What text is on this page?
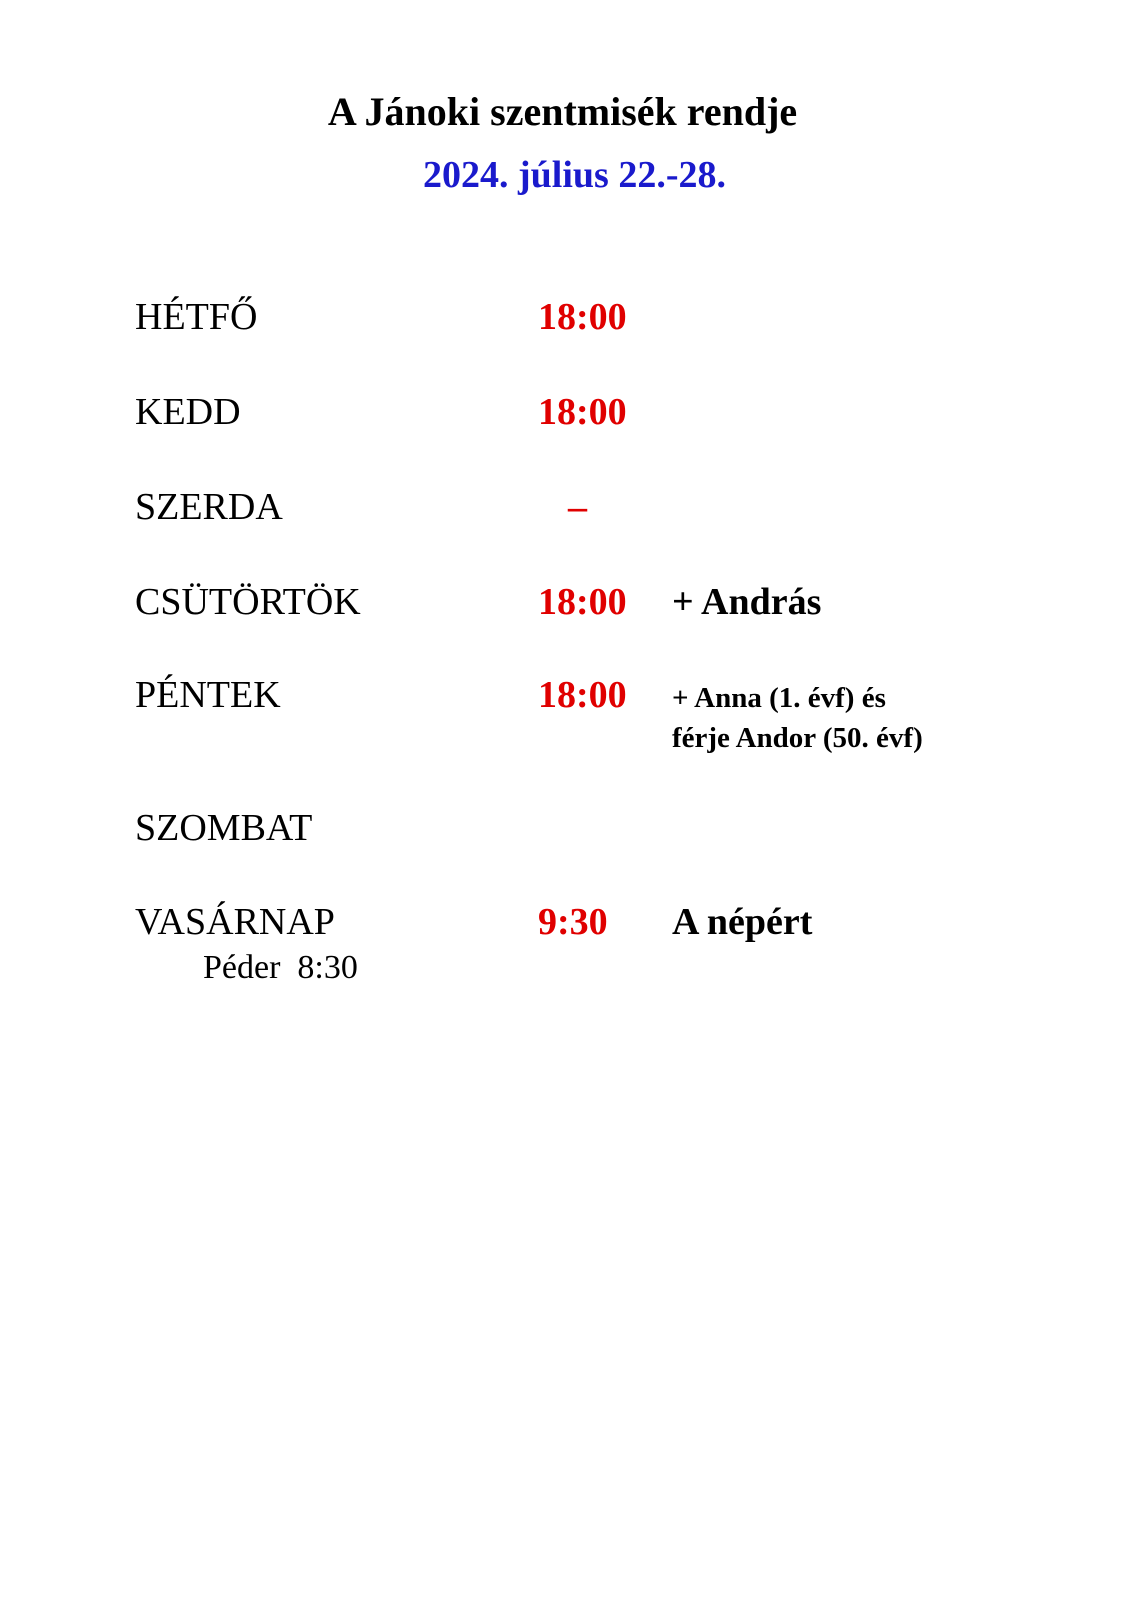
A Jánoki szentmisék rendje
2024. július 22.-28.
HÉTFŐ	18:00
KEDD	18:00
SZERDA	–
CSÜTÖRTÖK	18:00 + András
PÉNTEK	18:00 + Anna (1. évf) és
férje Andor (50. évf)
SZOMBAT
VASÁRNAP	9:30 A népért
Péder  8:30
